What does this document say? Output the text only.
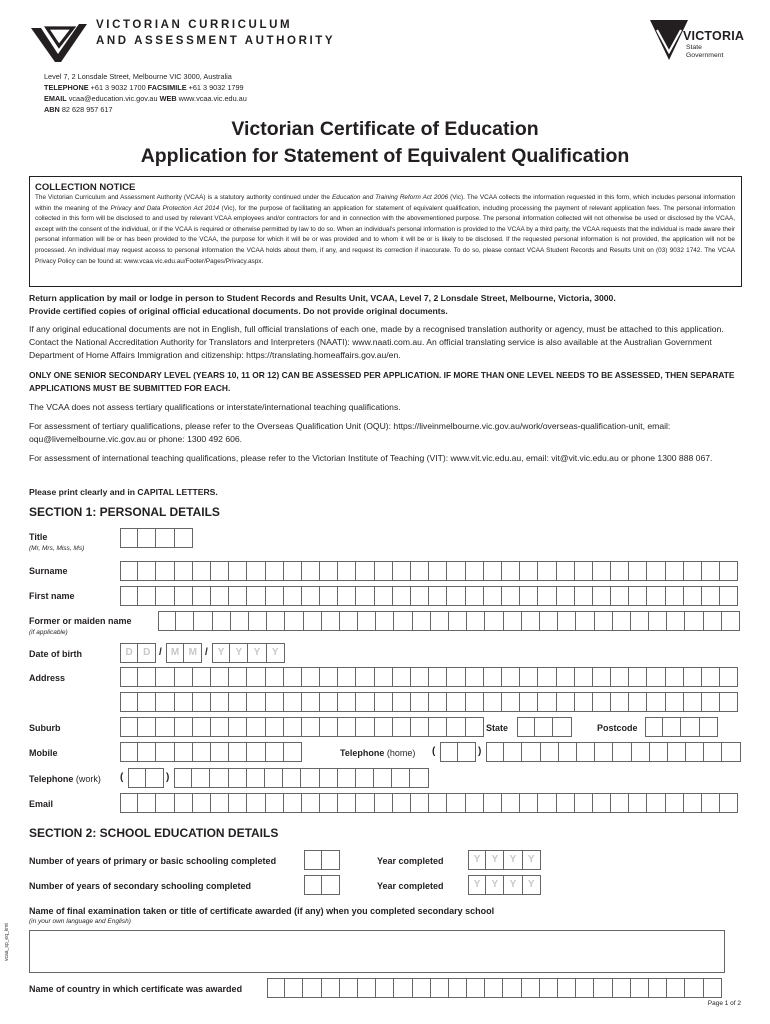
VICTORIAN CURRICULUM
AND ASSESSMENT AUTHORITY
Level 7, 2 Lonsdale Street, Melbourne VIC 3000, Australia
TELEPHONE +61 3 9032 1700 FACSIMILE +61 3 9032 1799
EMAIL vcaa@education.vic.gov.au WEB www.vcaa.vic.edu.au
ABN 82 628 957 617
VICTORIA
State
Government
Victorian Certificate of Education
Application for Statement of Equivalent Qualification
COLLECTION NOTICE

The Victorian Curriculum and Assessment Authority (VCAA) is a statutory authority continued under the Education and Training Reform Act 2006 (Vic). The VCAA collects the information requested in this form, which includes personal information within the meaning of the Privacy and Data Protection Act 2014 (Vic), for the purpose of facilitating an application for statement of equivalent qualification, including processing the payment of relevant application fees. The personal information collected in this form will be disclosed to and used by relevant VCAA employees and/or contractors for and in connection with the abovementioned purpose. The personal information collected will not otherwise be used or disclosed by the VCAA, except with the consent of the individual, or if the VCAA is required or otherwise permitted by law to do so. When an individual's personal information is provided to the VCAA by a third party, the VCAA requests that the individual is made aware their personal information will be or has been provided to the VCAA, the purpose for which it will be or was provided and to whom it will be or is likely to be disclosed. If the requested personal information is not provided, the application will not be processed. An individual may request access to personal information the VCAA holds about them, if any, and request its correction if inaccurate. To do so, please contact VCAA Student Records and Results Unit on (03) 9032 1742. The VCAA Privacy Policy can be found at: www.vcaa.vic.edu.au/Footer/Pages/Privacy.aspx.

Return application by mail or lodge in person to Student Records and Results Unit, VCAA, Level 7, 2 Lonsdale Street, Melbourne, Victoria, 3000.
Provide certified copies of original official educational documents. Do not provide original documents.
If any original educational documents are not in English, full official translations of each one, made by a recognised translation authority or agency, must be attached to this application. Contact the National Accreditation Authority for Translators and Interpreters (NAATI): www.naati.com.au. An official translating service is also available at the Australian Government Department of Home Affairs Immigration and citizenship: https://translating.homeaffairs.gov.au/en.
ONLY ONE SENIOR SECONDARY LEVEL (YEARS 10, 11 OR 12) CAN BE ASSESSED PER APPLICATION. IF MORE THAN ONE LEVEL NEEDS TO BE ASSESSED, THEN SEPARATE APPLICATIONS MUST BE SUBMITTED FOR EACH.
The VCAA does not assess tertiary qualifications or interstate/international teaching qualifications.
For assessment of tertiary qualifications, please refer to the Overseas Qualification Unit (OQU): https://liveinmelbourne.vic.gov.au/work/overseas-qualification-unit, email: oqu@livemelbourne.vic.gov.au or phone: 1300 492 606.
For assessment of international teaching qualifications, please refer to the Victorian Institute of Teaching (VIT): www.vit.vic.edu.au, email: vit@vit.vic.edu.au or phone 1300 888 067.
Please print clearly and in CAPITAL LETTERS.
SECTION 1: PERSONAL DETAILS
Title
(Mr, Mrs, Miss, Ms)
Surname
First name
Former or maiden name
(if applicable)
Date of birth	D	D / M M / Y	Y	Y	Y
Address
Suburb	State	Postcode
Mobile	Telephone (home) (	)
Telephone (work) (	)
Email
SECTION 2: SCHOOL EDUCATION DETAILS
Number of years of primary or basic schooling completed	Year completed	Y	Y	Y	Y
Number of years of secondary schooling completed	Year completed	Y	Y	Y	Y
Name of final examination taken or title of certificate awarded (if any) when you completed secondary school
(in your own language and English)
Name of country in which certificate was awarded
Page 1 of 2
vcaa_sp_eq_kmt
